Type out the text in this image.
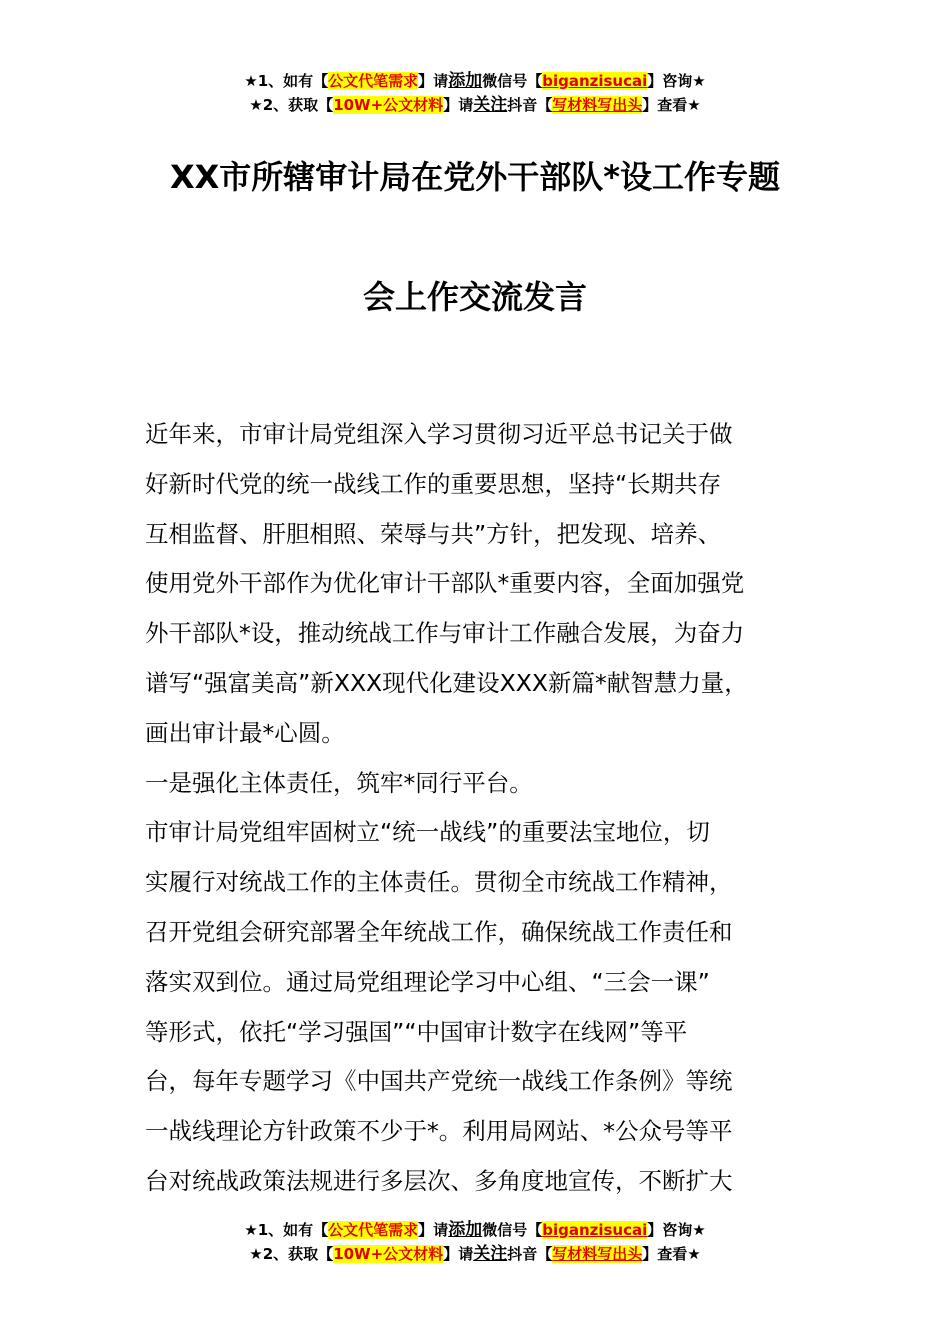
★1、如有【公文代笔需求】请添加微信号【biganzisucai】咨询★
★2、获取【10W+公文材料】请关注抖音【写材料写出头】查看★
XX市所辖审计局在党外干部队*设工作专题
会上作交流发言
近年来，市审计局党组深入学习贯彻习近平总书记关于做
好新时代党的统一战线工作的重要思想，坚持“长期共存
互相监督、肝胆相照、荣辱与共”方针，把发现、培养、
使用党外干部作为优化审计干部队*重要内容，全面加强党
外干部队*设，推动统战工作与审计工作融合发展，为奋力
谱写“强富美高”新XXX现代化建设XXX新篇*献智慧力量，
画出审计最*心圆。
一是强化主体责任，筑牢*同行平台。
市审计局党组牢固树立“统一战线”的重要法宝地位，切
实履行对统战工作的主体责任。贯彻全市统战工作精神，
召开党组会研究部署全年统战工作，确保统战工作责任和
落实双到位。通过局党组理论学习中心组、“三会一课”
等形式，依托“学习强国”“中国审计数字在线网”等平
台，每年专题学习《中国共产党统一战线工作条例》等统
一战线理论方针政策不少于*。利用局网站、*公众号等平
台对统战政策法规进行多层次、多角度地宣传，不断扩大
★1、如有【公文代笔需求】请添加微信号【biganzisucai】咨询★
★2、获取【10W+公文材料】请关注抖音【写材料写出头】查看★
